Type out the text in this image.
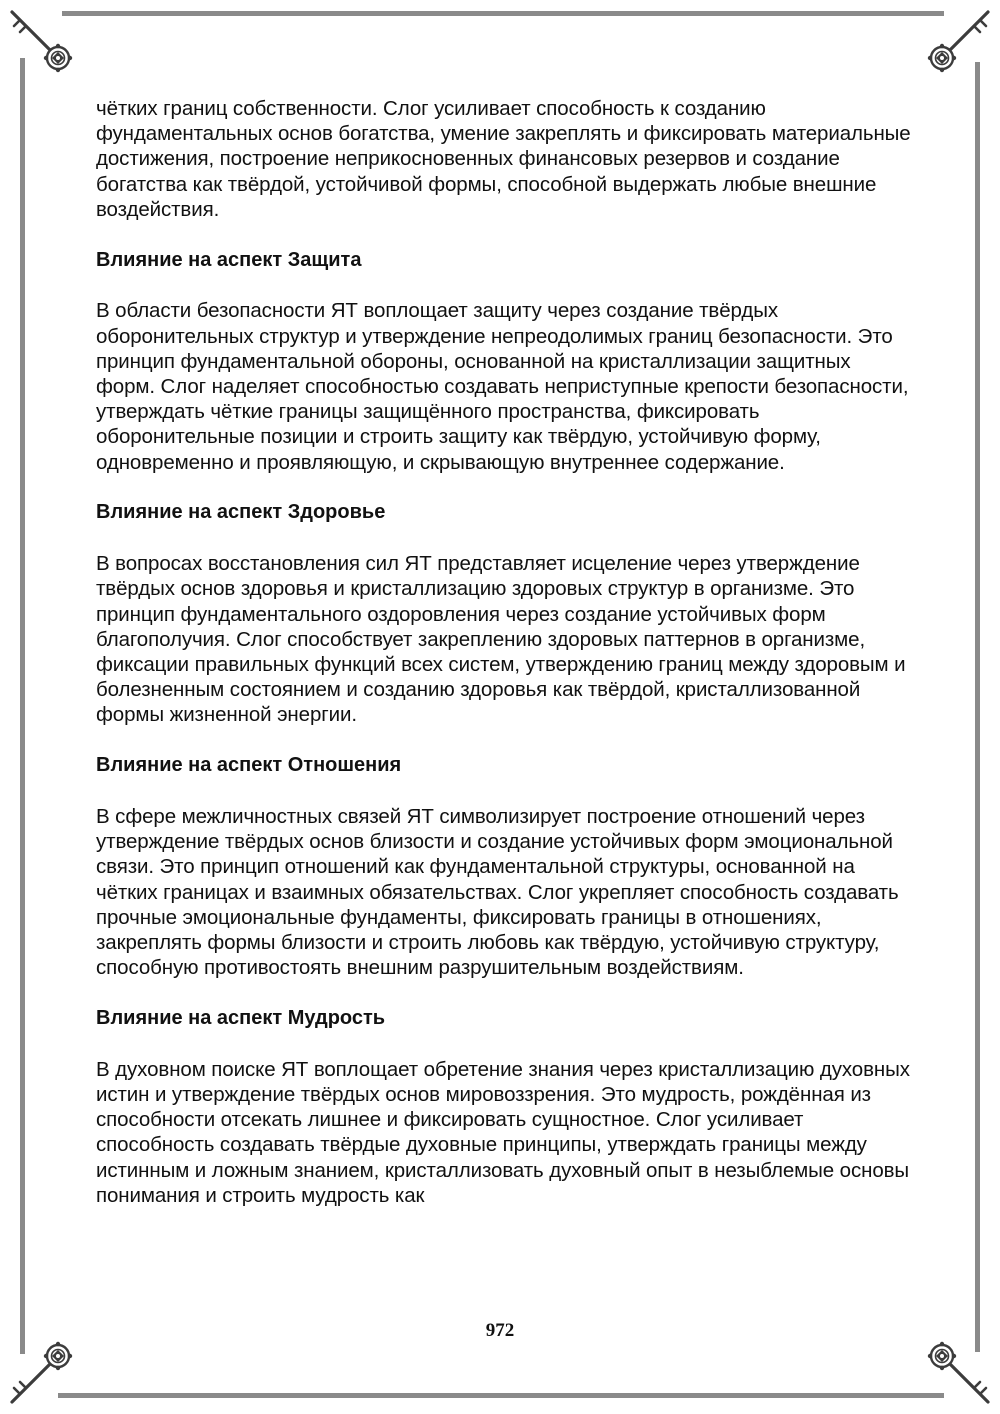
чётких границ собственности. Слог усиливает способность к созданию фундаментальных основ богатства, умение закреплять и фиксировать материальные достижения, построение неприкосновенных финансовых резервов и создание богатства как твёрдой, устойчивой формы, способной выдержать любые внешние воздействия.

Влияние на аспект Защита

В области безопасности ЯТ воплощает защиту через создание твёрдых оборонительных структур и утверждение непреодолимых границ безопасности. Это принцип фундаментальной обороны, основанной на кристаллизации защитных форм. Слог наделяет способностью создавать неприступные крепости безопасности, утверждать чёткие границы защищённого пространства, фиксировать оборонительные позиции и строить защиту как твёрдую, устойчивую форму, одновременно и проявляющую, и скрывающую внутреннее содержание.

Влияние на аспект Здоровье

В вопросах восстановления сил ЯТ представляет исцеление через утверждение твёрдых основ здоровья и кристаллизацию здоровых структур в организме. Это принцип фундаментального оздоровления через создание устойчивых форм благополучия. Слог способствует закреплению здоровых паттернов в организме, фиксации правильных функций всех систем, утверждению границ между здоровым и болезненным состоянием и созданию здоровья как твёрдой, кристаллизованной формы жизненной энергии.

Влияние на аспект Отношения

В сфере межличностных связей ЯТ символизирует построение отношений через утверждение твёрдых основ близости и создание устойчивых форм эмоциональной связи. Это принцип отношений как фундаментальной структуры, основанной на чётких границах и взаимных обязательствах. Слог укрепляет способность создавать прочные эмоциональные фундаменты, фиксировать границы в отношениях, закреплять формы близости и строить любовь как твёрдую, устойчивую структуру, способную противостоять внешним разрушительным воздействиям.

Влияние на аспект Мудрость

В духовном поиске ЯТ воплощает обретение знания через кристаллизацию духовных истин и утверждение твёрдых основ мировоззрения. Это мудрость, рождённая из способности отсекать лишнее и фиксировать сущностное. Слог усиливает способность создавать твёрдые духовные принципы, утверждать границы между истинным и ложным знанием, кристаллизовать духовный опыт в незыблемые основы понимания и строить мудрость как

972
